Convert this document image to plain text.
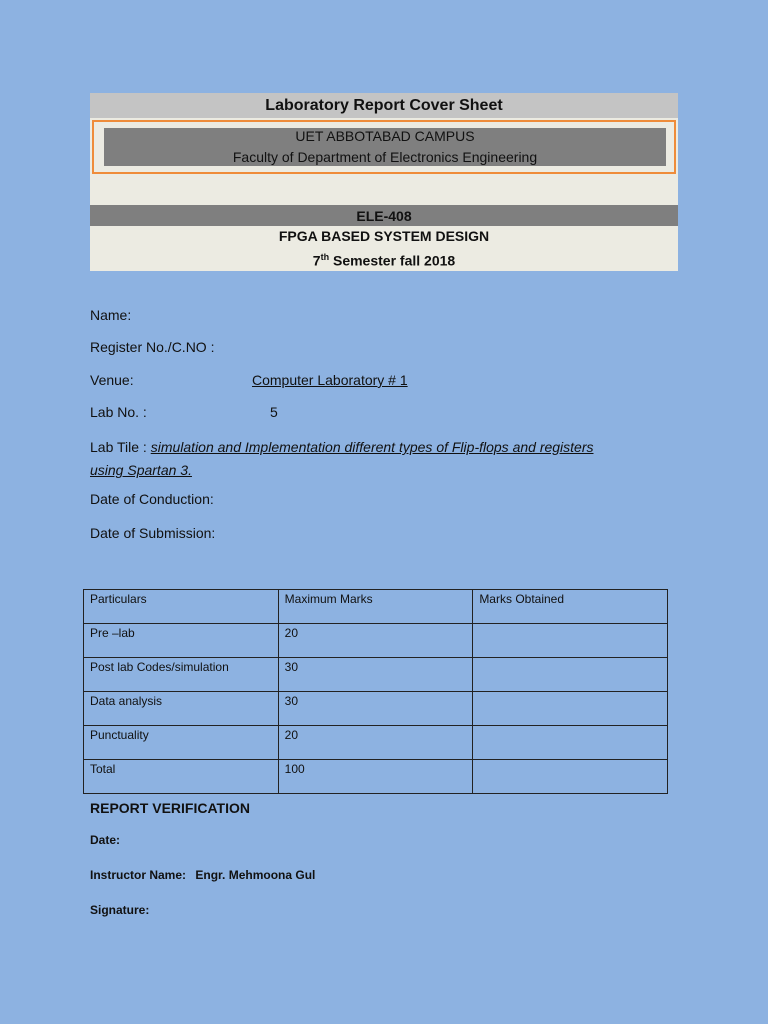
Laboratory Report Cover Sheet
UET ABBOTABAD CAMPUS
Faculty of Department of Electronics Engineering
ELE-408
FPGA BASED SYSTEM DESIGN
7th Semester fall 2018
Name:
Register No./C.NO :
Venue:	Computer Laboratory # 1
Lab No. :	5
Lab Tile : simulation and Implementation different types of Flip-flops and registers
using Spartan 3.
Date of Conduction:
Date of Submission:
Particulars	Maximum Marks	Marks Obtained
Pre –lab	20	
Post lab Codes/simulation	30	
Data analysis	30	
Punctuality	20	
Total	100	
REPORT VERIFICATION
Date:
Instructor Name: Engr. Mehmoona Gul
Signature:
